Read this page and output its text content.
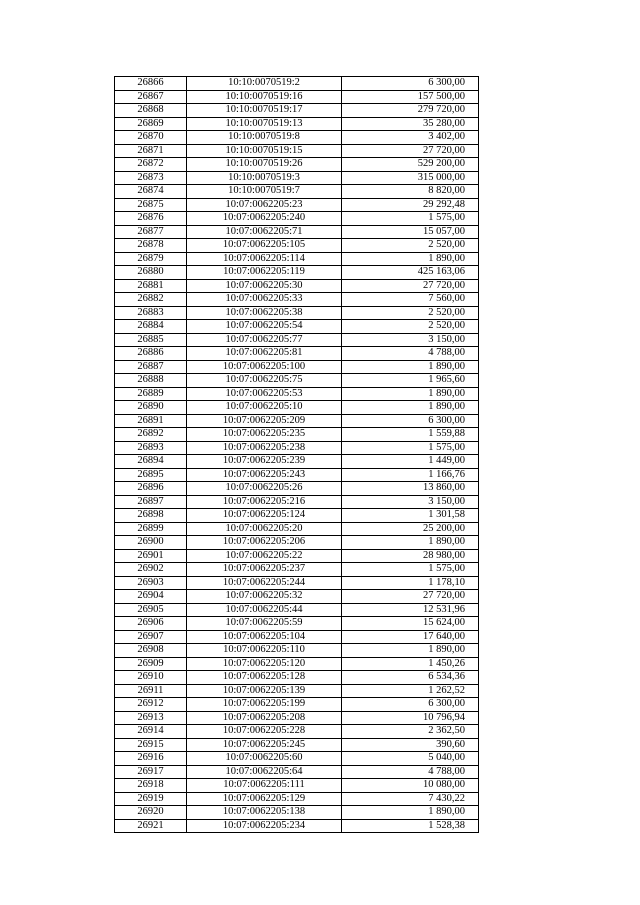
26866	10:10:0070519:2	6 300,00
26867	10:10:0070519:16	157 500,00
26868	10:10:0070519:17	279 720,00
26869	10:10:0070519:13	35 280,00
26870	10:10:0070519:8	3 402,00
26871	10:10:0070519:15	27 720,00
26872	10:10:0070519:26	529 200,00
26873	10:10:0070519:3	315 000,00
26874	10:10:0070519:7	8 820,00
26875	10:07:0062205:23	29 292,48
26876	10:07:0062205:240	1 575,00
26877	10:07:0062205:71	15 057,00
26878	10:07:0062205:105	2 520,00
26879	10:07:0062205:114	1 890,00
26880	10:07:0062205:119	425 163,06
26881	10:07:0062205:30	27 720,00
26882	10:07:0062205:33	7 560,00
26883	10:07:0062205:38	2 520,00
26884	10:07:0062205:54	2 520,00
26885	10:07:0062205:77	3 150,00
26886	10:07:0062205:81	4 788,00
26887	10:07:0062205:100	1 890,00
26888	10:07:0062205:75	1 965,60
26889	10:07:0062205:53	1 890,00
26890	10:07:0062205:10	1 890,00
26891	10:07:0062205:209	6 300,00
26892	10:07:0062205:235	1 559,88
26893	10:07:0062205:238	1 575,00
26894	10:07:0062205:239	1 449,00
26895	10:07:0062205:243	1 166,76
26896	10:07:0062205:26	13 860,00
26897	10:07:0062205:216	3 150,00
26898	10:07:0062205:124	1 301,58
26899	10:07:0062205:20	25 200,00
26900	10:07:0062205:206	1 890,00
26901	10:07:0062205:22	28 980,00
26902	10:07:0062205:237	1 575,00
26903	10:07:0062205:244	1 178,10
26904	10:07:0062205:32	27 720,00
26905	10:07:0062205:44	12 531,96
26906	10:07:0062205:59	15 624,00
26907	10:07:0062205:104	17 640,00
26908	10:07:0062205:110	1 890,00
26909	10:07:0062205:120	1 450,26
26910	10:07:0062205:128	6 534,36
26911	10:07:0062205:139	1 262,52
26912	10:07:0062205:199	6 300,00
26913	10:07:0062205:208	10 796,94
26914	10:07:0062205:228	2 362,50
26915	10:07:0062205:245	390,60
26916	10:07:0062205:60	5 040,00
26917	10:07:0062205:64	4 788,00
26918	10:07:0062205:111	10 080,00
26919	10:07:0062205:129	7 430,22
26920	10:07:0062205:138	1 890,00
26921	10:07:0062205:234	1 528,38
